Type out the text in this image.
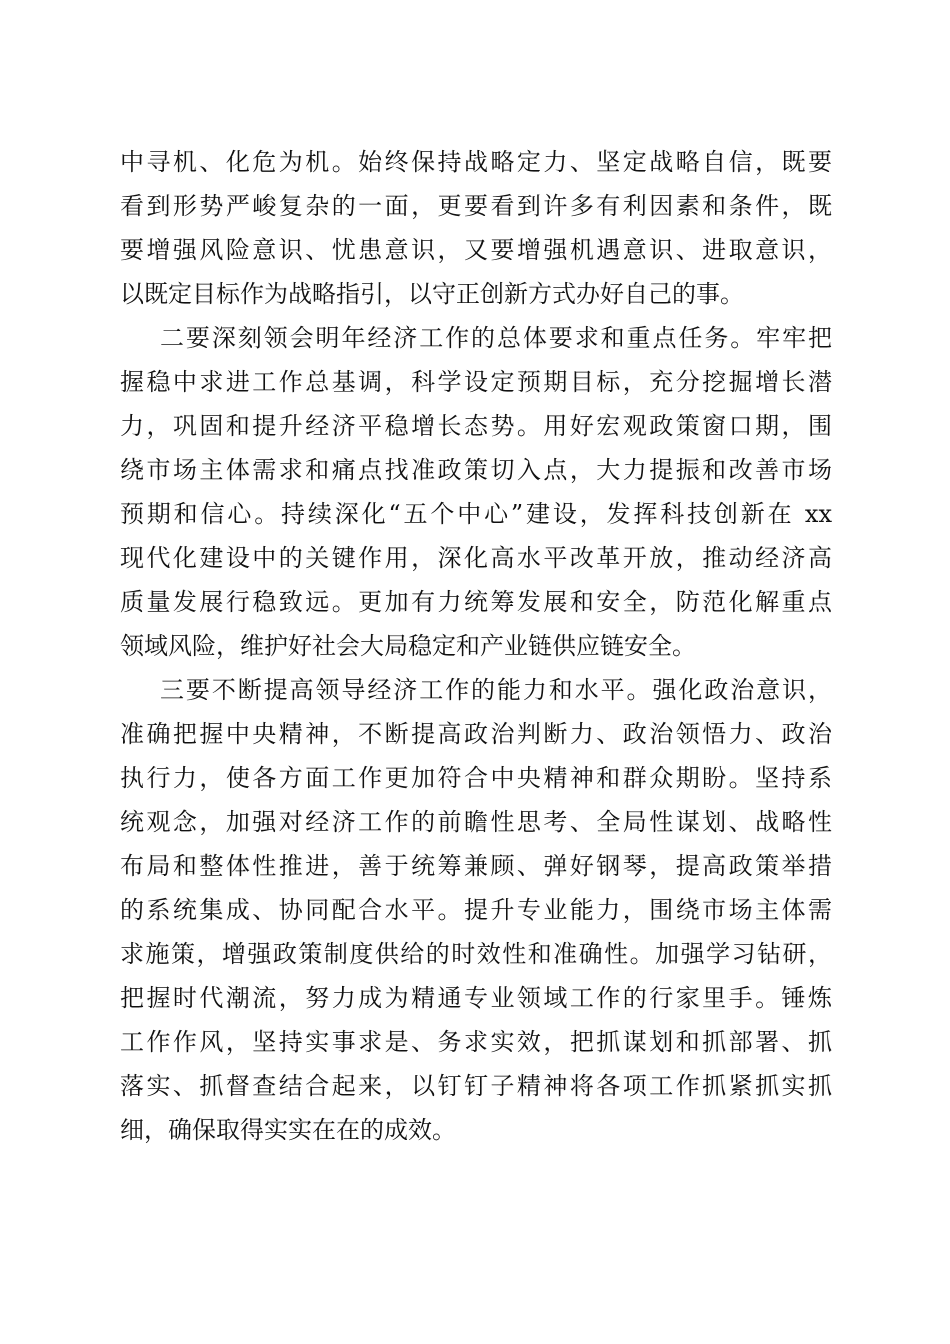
中寻机、化危为机。始终保持战略定力、坚定战略自信，既要
看到形势严峻复杂的一面，更要看到许多有利因素和条件，既
要增强风险意识、忧患意识，又要增强机遇意识、进取意识，
以既定目标作为战略指引，以守正创新方式办好自己的事。
二要深刻领会明年经济工作的总体要求和重点任务。牢牢把
握稳中求进工作总基调，科学设定预期目标，充分挖掘增长潜
力，巩固和提升经济平稳增长态势。用好宏观政策窗口期，围
绕市场主体需求和痛点找准政策切入点，大力提振和改善市场
预期和信心。持续深化“五个中心”建设，发挥科技创新在 xx
现代化建设中的关键作用，深化高水平改革开放，推动经济高
质量发展行稳致远。更加有力统筹发展和安全，防范化解重点
领域风险，维护好社会大局稳定和产业链供应链安全。
三要不断提高领导经济工作的能力和水平。强化政治意识，
准确把握中央精神，不断提高政治判断力、政治领悟力、政治
执行力，使各方面工作更加符合中央精神和群众期盼。坚持系
统观念，加强对经济工作的前瞻性思考、全局性谋划、战略性
布局和整体性推进，善于统筹兼顾、弹好钢琴，提高政策举措
的系统集成、协同配合水平。提升专业能力，围绕市场主体需
求施策，增强政策制度供给的时效性和准确性。加强学习钻研，
把握时代潮流，努力成为精通专业领域工作的行家里手。锤炼
工作作风，坚持实事求是、务求实效，把抓谋划和抓部署、抓
落实、抓督查结合起来，以钉钉子精神将各项工作抓紧抓实抓
细，确保取得实实在在的成效。
